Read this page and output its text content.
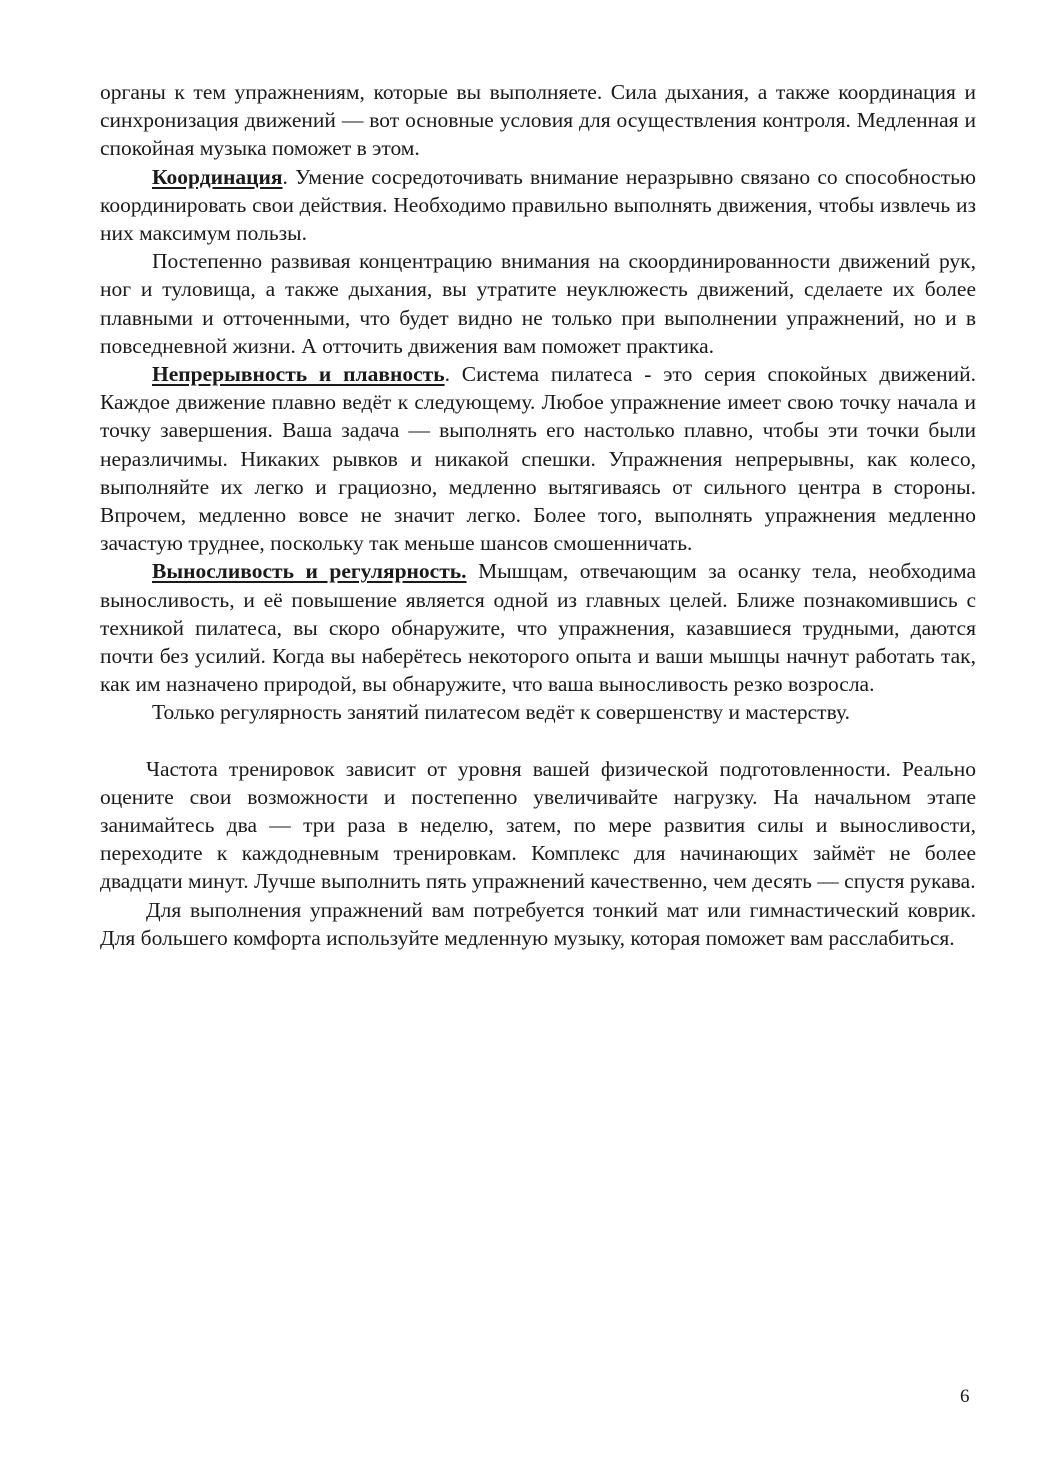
органы к тем упражнениям, которые вы выполняете. Сила дыхания, а также координация и синхронизация движений — вот основные условия для осуществления контроля. Медленная и спокойная музыка поможет в этом.

Координация. Умение сосредоточивать внимание неразрывно связано со способностью координировать свои действия. Необходимо правильно выполнять движения, чтобы извлечь из них максимум пользы.

Постепенно развивая концентрацию внимания на скоординированности движений рук, ног и туловища, а также дыхания, вы утратите неуклюжесть движений, сделаете их более плавными и отточенными, что будет видно не только при выполнении упражнений, но и в повседневной жизни. А отточить движения вам поможет практика.

Непрерывность и плавность. Система пилатеса - это серия спокойных движений. Каждое движение плавно ведёт к следующему. Любое упражнение имеет свою точку начала и точку завершения. Ваша задача — выполнять его настолько плавно, чтобы эти точки были неразличимы. Никаких рывков и никакой спешки. Упражнения непрерывны, как колесо, выполняйте их легко и грациозно, медленно вытягиваясь от сильного центра в стороны. Впрочем, медленно вовсе не значит легко. Более того, выполнять упражнения медленно зачастую труднее, поскольку так меньше шансов смошенничать.

Выносливость и регулярность. Мышцам, отвечающим за осанку тела, необходима выносливость, и её повышение является одной из главных целей. Ближе познакомившись с техникой пилатеса, вы скоро обнаружите, что упражнения, казавшиеся трудными, даются почти без усилий. Когда вы наберётесь некоторого опыта и ваши мышцы начнут работать так, как им назначено природой, вы обнаружите, что ваша выносливость резко возросла.

Только регулярность занятий пилатесом ведёт к совершенству и мастерству.

Частота тренировок зависит от уровня вашей физической подготовленности. Реально оцените свои возможности и постепенно увеличивайте нагрузку. На начальном этапе занимайтесь два — три раза в неделю, затем, по мере развития силы и выносливости, переходите к каждодневным тренировкам. Комплекс для начинающих займёт не более двадцати минут. Лучше выполнить пять упражнений качественно, чем десять — спустя рукава.

Для выполнения упражнений вам потребуется тонкий мат или гимнастический коврик. Для большего комфорта используйте медленную музыку, которая поможет вам расслабиться.

6
